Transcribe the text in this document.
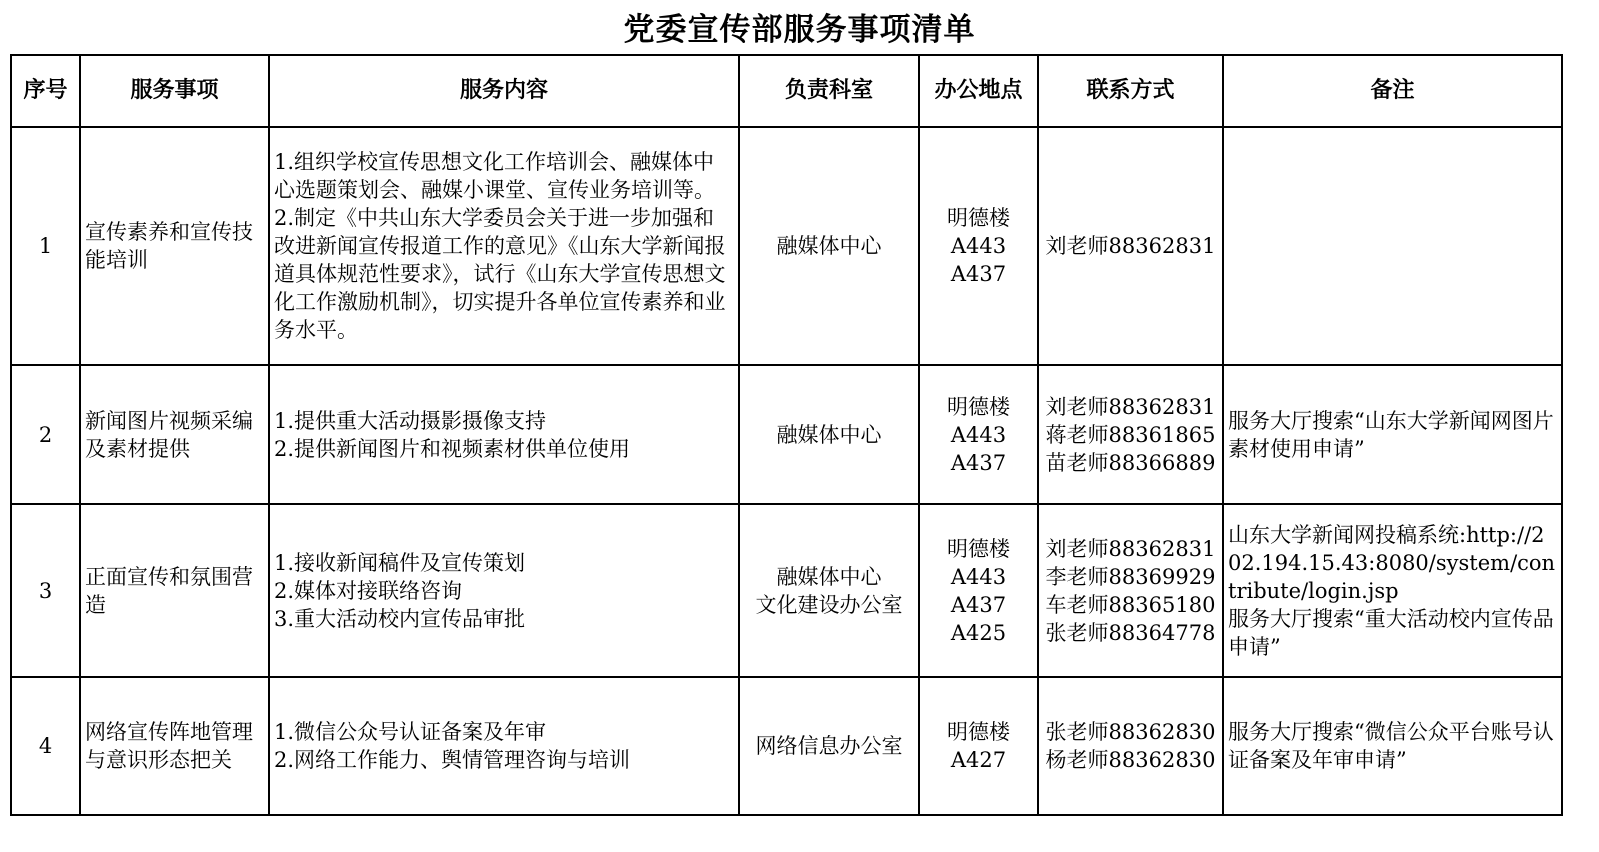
党委宣传部服务事项清单
序号	服务事项	服务内容	负责科室	办公地点	联系方式	备注
1	宣传素养和宣传技能培训	1.组织学校宣传思想文化工作培训会、融媒体中心选题策划会、融媒小课堂、宣传业务培训等。
2.制定《中共山东大学委员会关于进一步加强和改进新闻宣传报道工作的意见》《山东大学新闻报道具体规范性要求》，试行《山东大学宣传思想文化工作激励机制》，切实提升各单位宣传素养和业务水平。	融媒体中心	明德楼
A443
A437	刘老师88362831	

2	新闻图片视频采编及素材提供	1.提供重大活动摄影摄像支持
2.提供新闻图片和视频素材供单位使用	融媒体中心	明德楼
A443
A437	刘老师88362831
蒋老师88361865
苗老师88366889	服务大厅搜索“山东大学新闻网图片素材使用申请”

3	正面宣传和氛围营造	1.接收新闻稿件及宣传策划
2.媒体对接联络咨询
3.重大活动校内宣传品审批	融媒体中心
文化建设办公室	明德楼
A443
A437
A425	刘老师88362831
李老师88369929
车老师88365180
张老师88364778	山东大学新闻网投稿系统:http://202.194.15.43:8080/system/contribute/login.jsp
服务大厅搜索“重大活动校内宣传品申请”

4	网络宣传阵地管理与意识形态把关	1.微信公众号认证备案及年审
2.网络工作能力、舆情管理咨询与培训	网络信息办公室	明德楼
A427	张老师88362830
杨老师88362830	服务大厅搜索“微信公众平台账号认证备案及年审申请”
